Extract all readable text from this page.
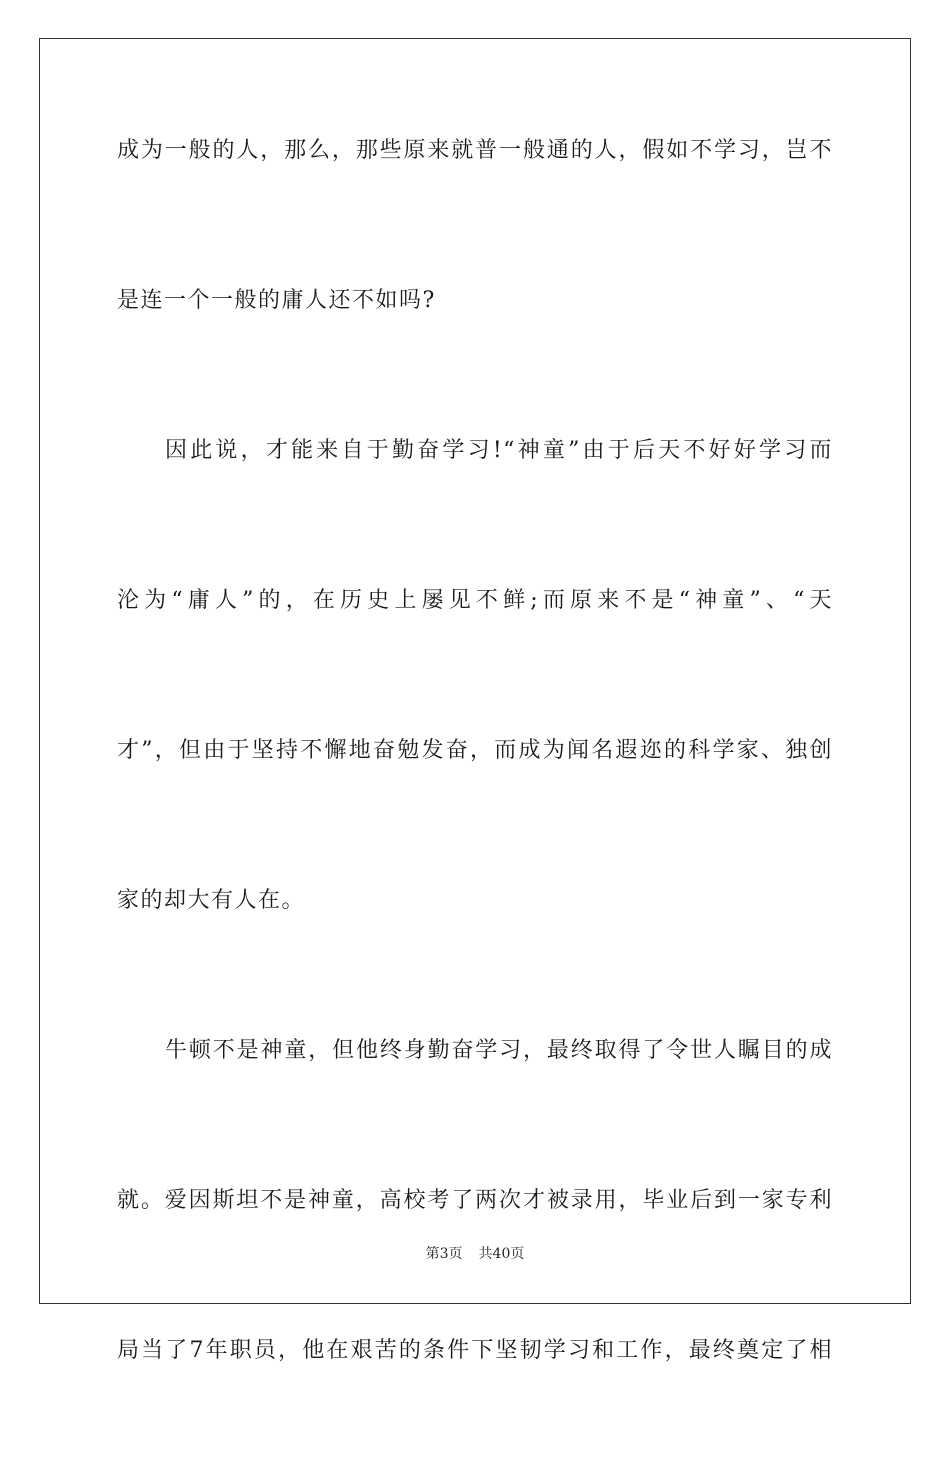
成为一般的人，那么，那些原来就普一般通的人，假如不学习，岂不
是连一个一般的庸人还不如吗?
因此说，才能来自于勤奋学习!“神童”由于后天不好好学习而
沦为“庸人”的，在历史上屡见不鲜;而原来不是“神童”、“天
才”，但由于坚持不懈地奋勉发奋，而成为闻名遐迩的科学家、独创
家的却大有人在。
牛顿不是神童，但他终身勤奋学习，最终取得了令世人瞩目的成
就。爱因斯坦不是神童，高校考了两次才被录用，毕业后到一家专利
局当了7年职员，他在艰苦的条件下坚韧学习和工作，最终奠定了相
第3页 共40页
